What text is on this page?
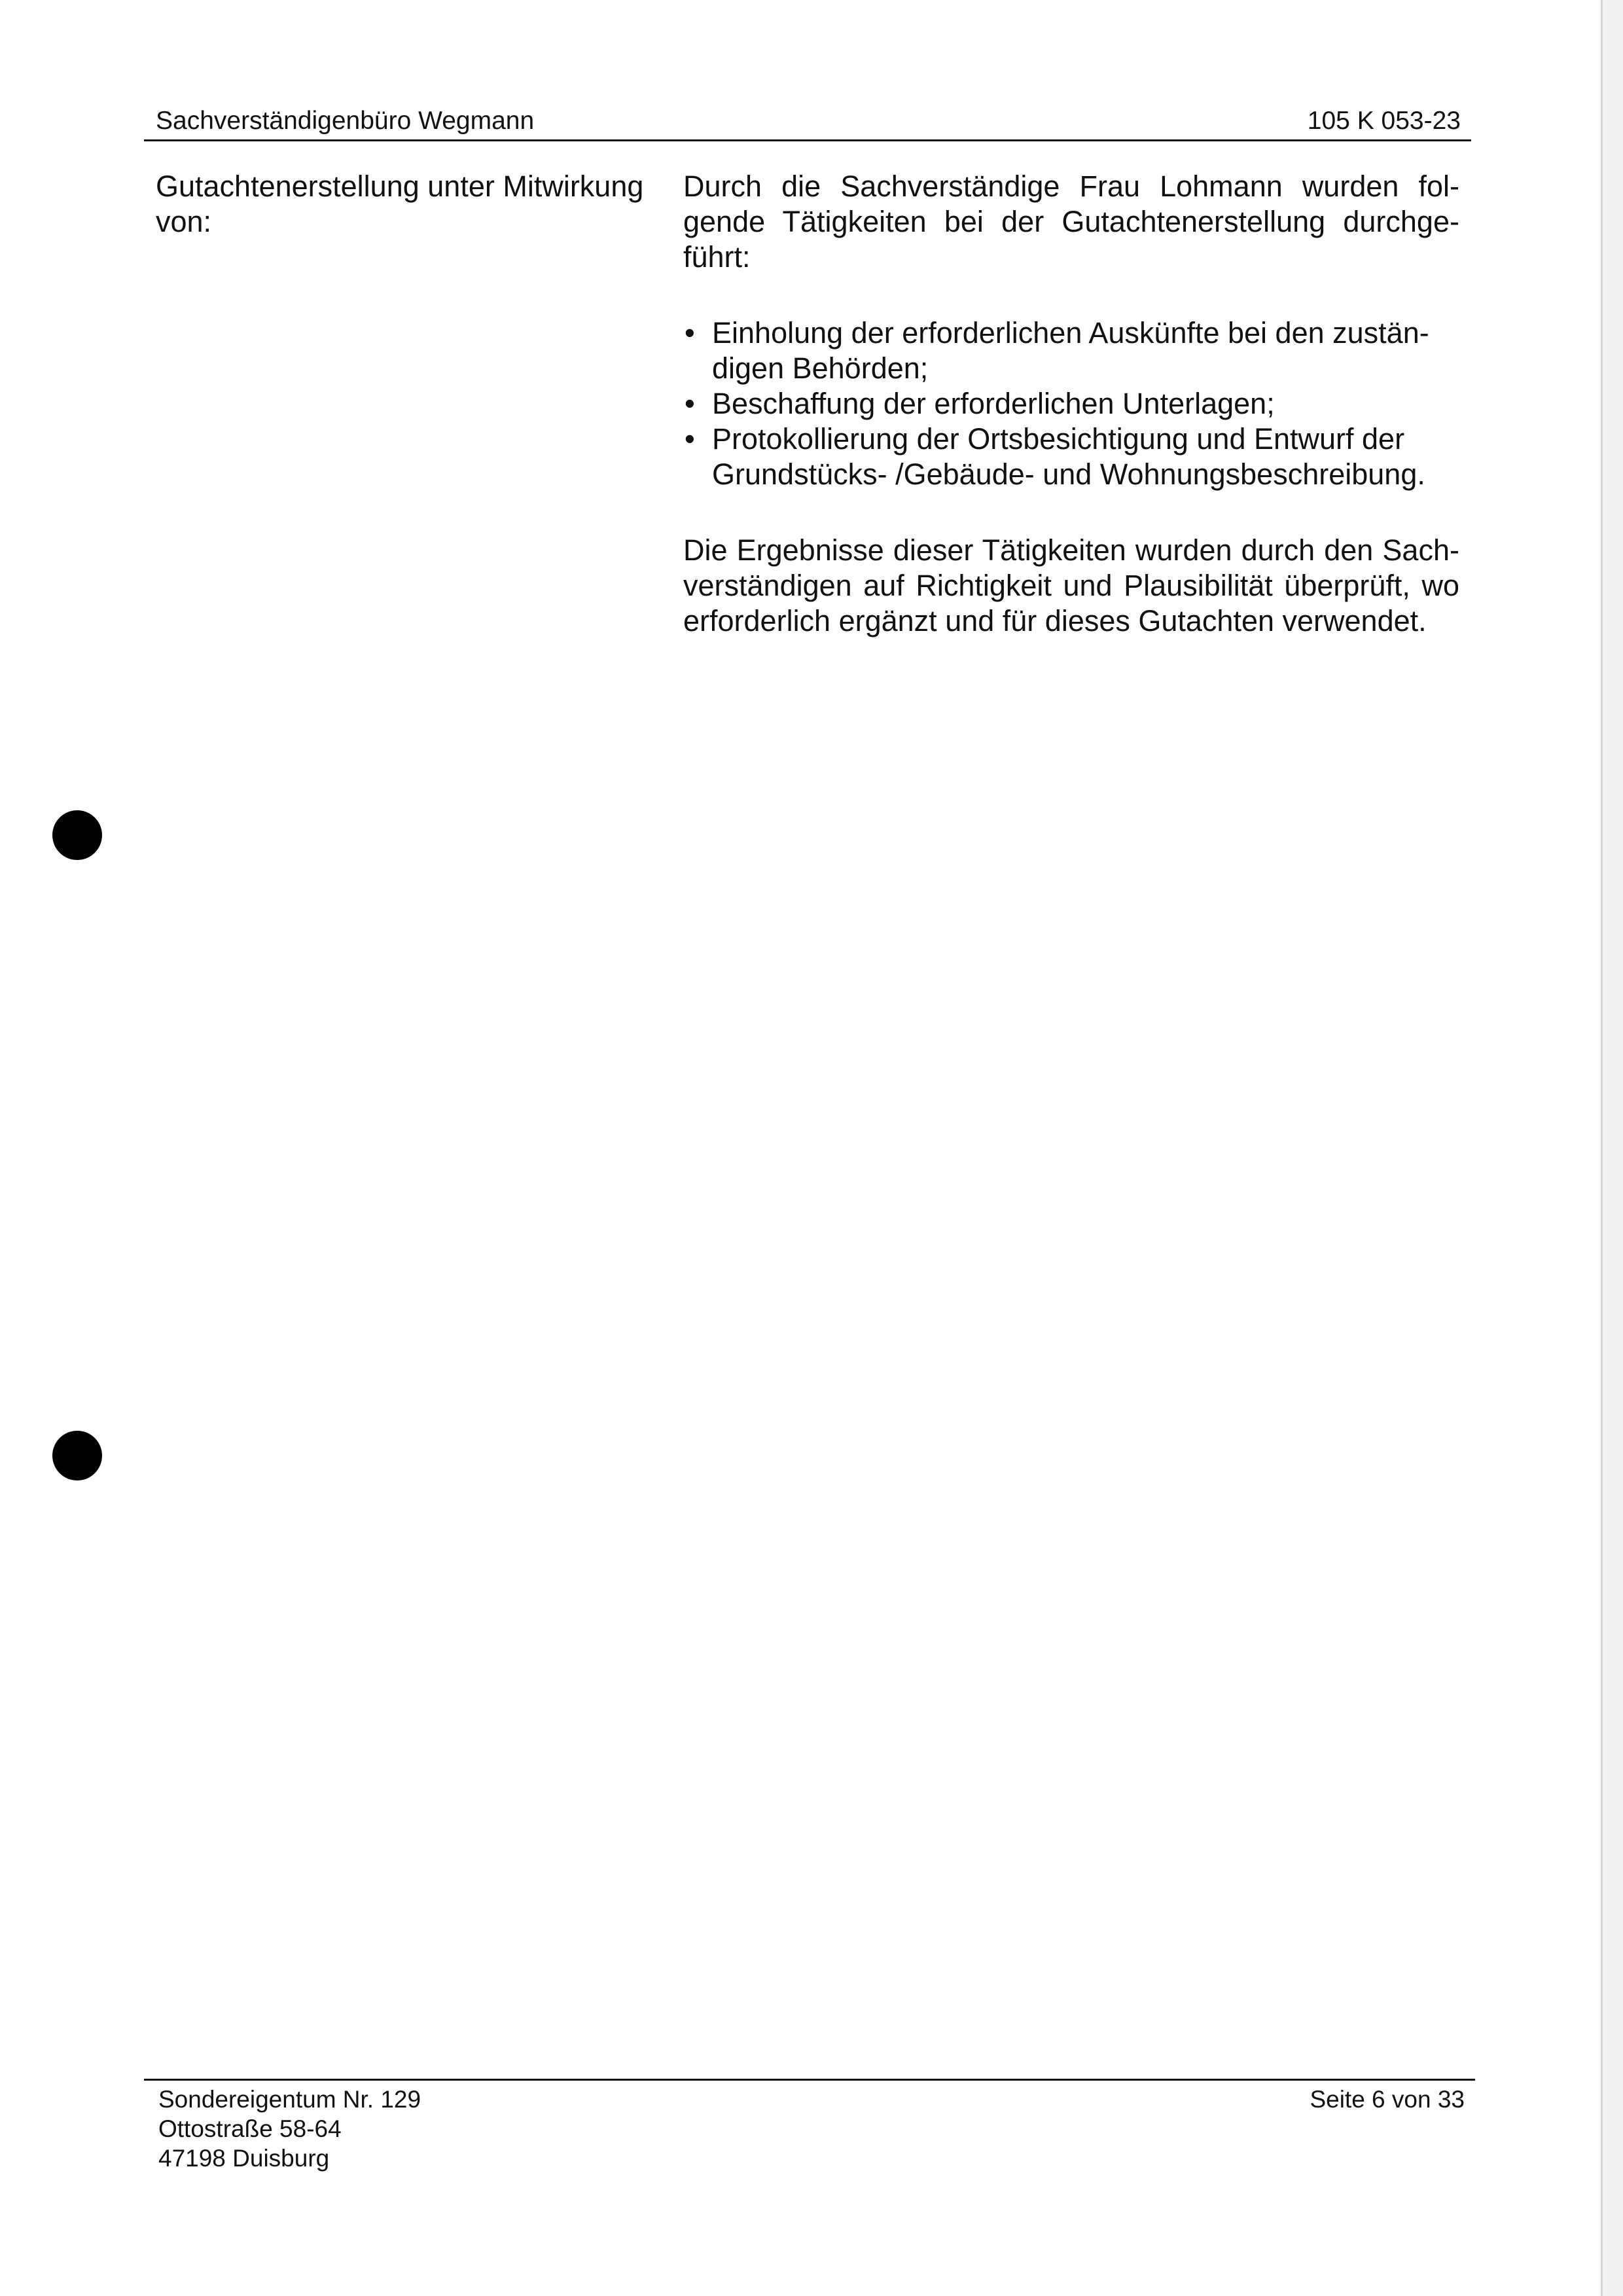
Sachverständigenbüro Wegmann	105 K 053-23
Gutachtenerstellung unter Mitwirkung von:

Durch die Sachverständige Frau Lohmann wurden folgende Tätigkeiten bei der Gutachtenerstellung durchgeführt:

• Einholung der erforderlichen Auskünfte bei den zuständigen Behörden;
• Beschaffung der erforderlichen Unterlagen;
• Protokollierung der Ortsbesichtigung und Entwurf der Grundstücks- /Gebäude- und Wohnungsbeschreibung.

Die Ergebnisse dieser Tätigkeiten wurden durch den Sachverständigen auf Richtigkeit und Plausibilität überprüft, wo erforderlich ergänzt und für dieses Gutachten verwendet.

Sondereigentum Nr. 129
Ottostraße 58-64
47198 Duisburg
Seite 6 von 33
